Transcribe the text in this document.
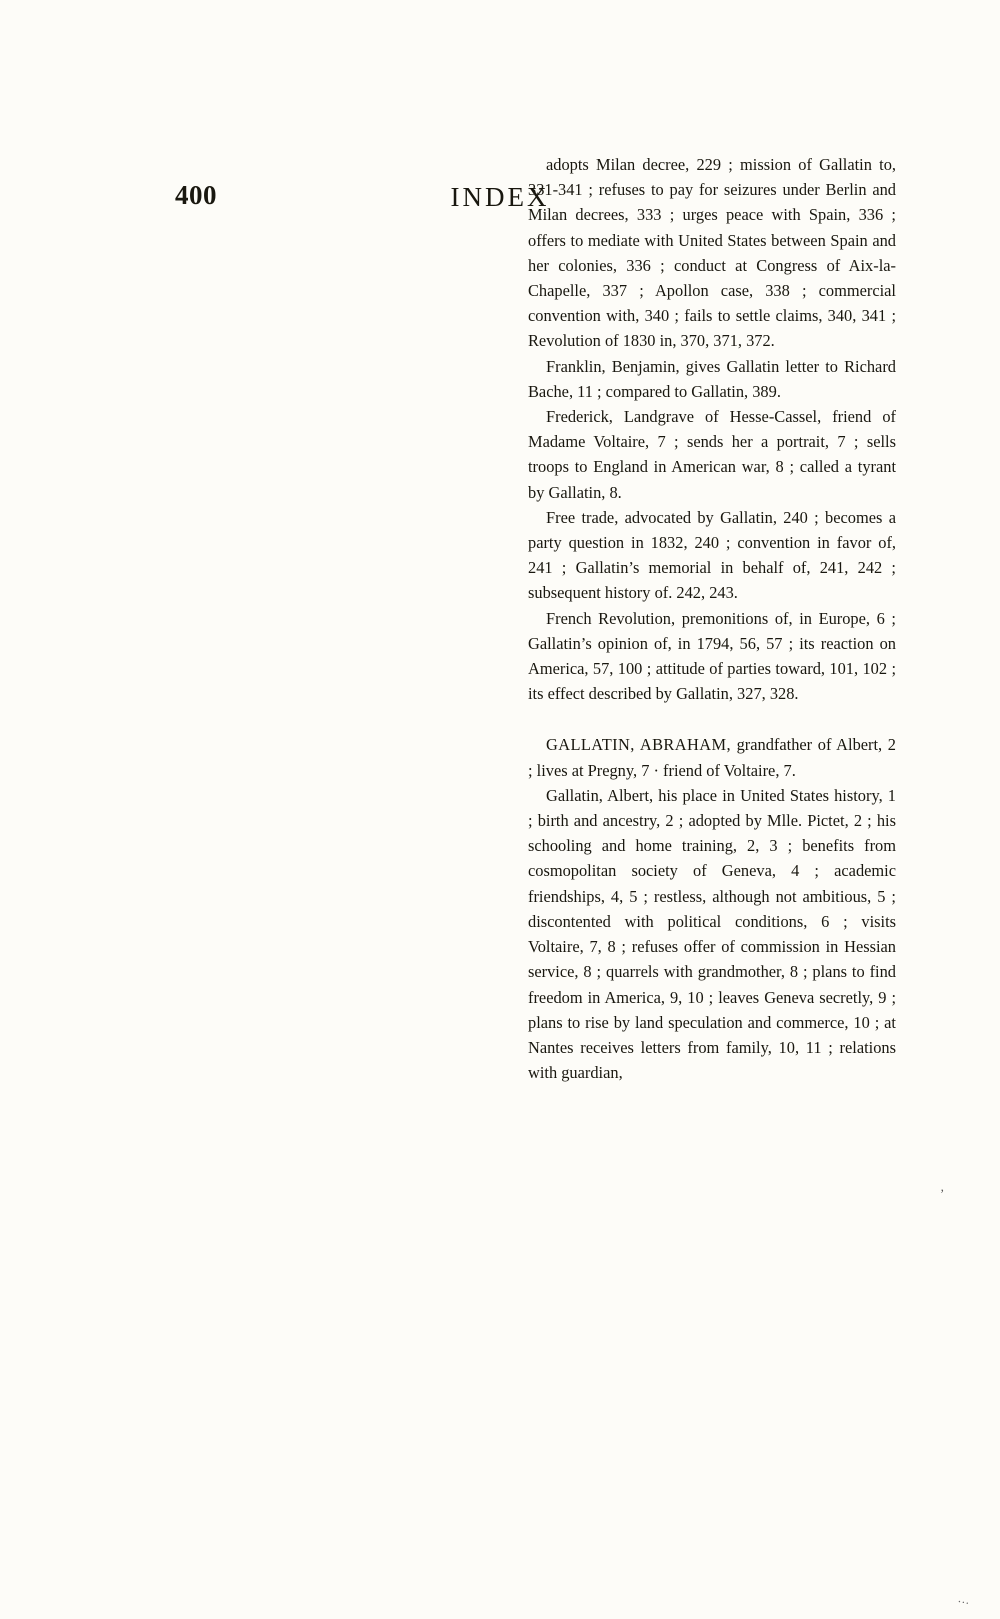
400	INDEX

adopts Milan decree, 229 ; mission of Gallatin to, 331-341 ; refuses to pay for seizures under Berlin and Milan decrees, 333 ; urges peace with Spain, 336 ; offers to mediate with United States between Spain and her colonies, 336 ; conduct at Congress of Aix-la-Chapelle, 337 ; Apollon case, 338 ; commercial convention with, 340 ; fails to settle claims, 340, 341 ; Revolution of 1830 in, 370, 371, 372.

Franklin, Benjamin, gives Gallatin letter to Richard Bache, 11 ; compared to Gallatin, 389.

Frederick, Landgrave of Hesse-Cassel, friend of Madame Voltaire, 7 ; sends her a portrait, 7 ; sells troops to England in American war, 8 ; called a tyrant by Gallatin, 8.

Free trade, advocated by Gallatin, 240 ; becomes a party question in 1832, 240 ; convention in favor of, 241 ; Gallatin’s memorial in behalf of, 241, 242 ; subsequent history of. 242, 243.

French Revolution, premonitions of, in Europe, 6 ; Gallatin’s opinion of, in 1794, 56, 57 ; its reaction on America, 57, 100 ; attitude of parties toward, 101, 102 ; its effect described by Gallatin, 327, 328.

GALLATIN, ABRAHAM, grandfather of Albert, 2 ; lives at Pregny, 7 · friend of Voltaire, 7.

Gallatin, Albert, his place in United States history, 1 ; birth and ancestry, 2 ; adopted by Mlle. Pictet, 2 ; his schooling and home training, 2, 3 ; benefits from cosmopolitan society of Geneva, 4 ; academic friendships, 4, 5 ; restless, although not ambitious, 5 ; discontented with political conditions, 6 ; visits Voltaire, 7, 8 ; refuses offer of commission in Hessian service, 8 ; quarrels with grandmother, 8 ; plans to find freedom in America, 9, 10 ; leaves Geneva secretly, 9 ; plans to rise by land speculation and commerce, 10 ; at Nantes receives letters from family, 10, 11 ; relations with guardian,

’
…
